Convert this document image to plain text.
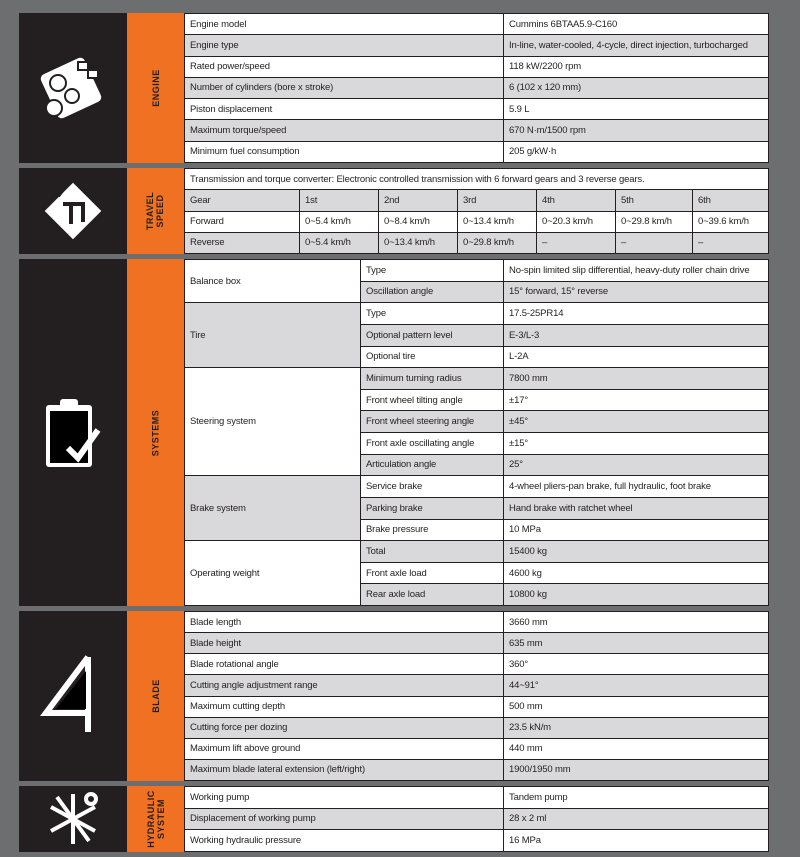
ENGINE
Engine model	Cummins 6BTAA5.9-C160
Engine type	In-line, water-cooled, 4-cycle, direct injection, turbocharged
Rated power/speed	118 kW/2200 rpm
Number of cylinders (bore x stroke)	6 (102 x 120 mm)
Piston displacement	5.9 L
Maximum torque/speed	670 N·m/1500 rpm
Minimum fuel consumption	205 g/kW·h
TRAVEL SPEED
Transmission and torque converter: Electronic controlled transmission with 6 forward gears and 3 reverse gears.						
Gear	1st	2nd	3rd	4th	5th	6th
Forward	0~5.4 km/h	0~8.4 km/h	0~13.4 km/h	0~20.3 km/h	0~29.8 km/h	0~39.6 km/h
Reverse	0~5.4 km/h	0~13.4 km/h	0~29.8 km/h	–	–	–
SYSTEMS
Balance box	Type	No-spin limited slip differential, heavy-duty roller chain drive
	Oscillation angle	15° forward, 15° reverse
Tire	Type	17.5-25PR14
	Optional pattern level	E-3/L-3
	Optional tire	L-2A
Steering system	Minimum turning radius	7800 mm
	Front wheel tilting angle	±17°
	Front wheel steering angle	±45°
	Front axle oscillating angle	±15°
	Articulation angle	25°
Brake system	Service brake	4-wheel pliers-pan brake, full hydraulic, foot brake
	Parking brake	Hand brake with ratchet wheel
	Brake pressure	10 MPa
Operating weight	Total	15400 kg
	Front axle load	4600 kg
	Rear axle load	10800 kg
BLADE
Blade length	3660 mm
Blade height	635 mm
Blade rotational angle	360°
Cutting angle adjustment range	44~91°
Maximum cutting depth	500 mm
Cutting force per dozing	23.5 kN/m
Maximum lift above ground	440 mm
Maximum blade lateral extension (left/right)	1900/1950 mm
HYDRAULIC SYSTEM
Working pump	Tandem pump
Displacement of working pump	28 x 2 ml
Working hydraulic pressure	16 MPa
